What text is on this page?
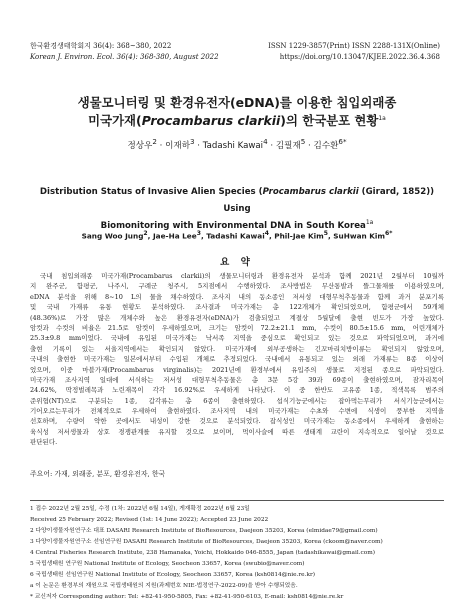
한국환경생태학회지 36(4): 368~380, 2022
Korean J. Environ. Ecol. 36(4): 368-380, August 2022
ISSN 1229-3857(Print) ISSN 2288-131X(Online)
https://doi.org/10.13047/KJEE.2022.36.4.368
생물모니터링 및 환경유전자(eDNA)를 이용한 침입외래종
미국가재(Procambarus clarkii)의 한국분포 현황$^{1a}$
정상우$^2$ · 이재하$^3$ · Tadashi Kawai$^4$ · 김필재$^5$ · 김수환$^{6*}$
Distribution Status of Invasive Alien Species (Procambarus clarkii (Girard, 1852)) Using
Biomonitoring with Environmental DNA in South Korea$^{1a}$
Sang Woo Jung$^2$, Jae-Ha Lee$^3$, Tadashi Kawai$^4$, Phil-Jae Kim$^5$, SuHwan Kim$^{6*}$
요 약
국내 침입외래종 미국가재(Procambarus clarkii)의 생물모니터링과 환경유전자 분석과 함께 2021년 2월부터 10월까
지 완주군, 함평군, 나주시, 구례군 청주시, 5지점에서 수행하였다. 조사방법은 무산통발과 뜰그물채를 이용하였으며,
eDNA 분석을 위해 8~10 L의 물을 채수하였다. 조사지 내의 동소종인 저서성 대형무척추동물과 함께 과거 분포기록
및 국내 가재류 유통 현황도 분석하였다. 조사결과 미국가재는 총 122개체가 확인되었으며, 함평군에서 59개체
(48.36%)로 가장 많은 개체수와 높은 환경유전자(eDNA)가 검출되었고 계절상 5월달에 출현 빈도가 가장 높았다.
암컷과 수컷의 비율은 21.5로 암컷이 우세하였으며, 크기는 암컷이 72.2±21.1 mm, 수컷이 80.5±15.6 mm, 어린개체가
25.3±9.8 mm이었다. 국내에 유입된 미국가재는 낙서족 지역을 중심으로 확인되고 있는 것으로 파악되었으며, 과거에
출현 기록이 있는 서울지역에서는 확인되지 않았다. 미국가재에 외부공생하는 긴꼬마리치방이류는 확인되지 않았으며,
국내의 출현한 미국가재는 일본에서부터 수입된 개체로 추정되었다. 국내에서 유통되고 있는 외래 가재류는 8종 이상이
었으며, 이중 마블가재(Procambarus virginalis)는 2021년에 환경부에서 유입주의 생물로 지정된 종으로 파악되었다.
미국가재 조사지역 일대에 서식하는 저서성 대형무척추동물은 총 3문 5강 39과 69종이 출현하였으며, 잠자리목이
24.62%, 딱정벌레목과 노린재목이 각각 16.92%로 우세하게 나타났다. 이 중 한반도 고유종 1종, 적색목록 범주의
준위협(NT)으로 구분되는 1종, 갑각류는 총 6종이 출현하였다. 섭식기능군에서는 잡아먹는무리가 서식기능군에서는
기어오르는무리가 전체적으로 우세하여 출현하였다. 조사지역 내의 미국가재는 수초와 수변에 식생이 풍부한 지역을
선호하며, 수량이 약한 곳에서도 내성이 강한 것으로 분석되었다. 잡식성인 미국가재는 동소종에서 우세하게 출현하는
육식성 저서생물과 상호 경쟁관계를 유지할 것으로 보이며, 먹이사슬에 따른 생태계 교란이 지속적으로 일어날 것으로
판단된다.
주요어: 가재, 외래종, 분포, 환경유전자, 한국
1 접수 2022년 2월 25일, 수정 (1차: 2022년 6월 14일), 게재확정 2022년 6월 23일
Received 25 February 2022; Revised (1st: 14 June 2022); Accepted 23 June 2022
2 다양이생물자원연구소 대표 DASARI Research Institute of BioResources, Daejeon 35203, Korea (elmidae79@gmail.com)
3 다양이생물자원연구소 선임연구원 DASARI Research Institute of BioResources, Daejeon 35203, Korea (ckoom@naver.com)
4 Central Fisheries Research Institute, 238 Hamanaka, Yoichi, Hokkaido 046-8555, Japan (tadashikawai@gmail.com)
5 국립생태원 연구원 National Institute of Ecology, Seocheon 33657, Korea (swubio@naver.com)
6 국립생태원 선임연구원 National Institute of Ecology, Seocheon 33657, Korea (ksh0814@nie.re.kr)
a 이 논문은 환경부의 재원으로 국립생태원의 지원(과제번호 NIE-법정연구-2022-09)을 받아 수행되었음.
* 교신저자 Corresponding author: Tel: +82-41-950-5805, Fax: +82-41-950-6103, E-mail: ksh0814@nie.re.kr
